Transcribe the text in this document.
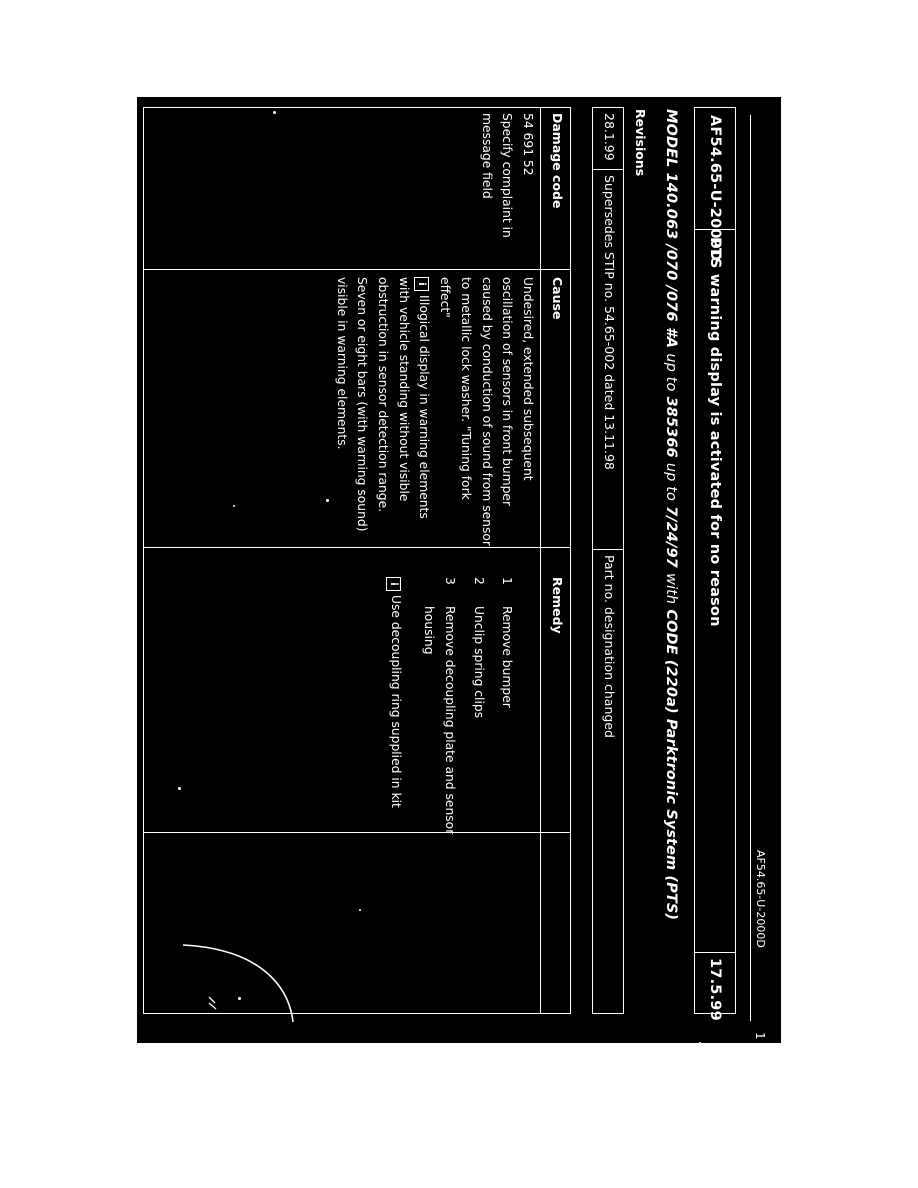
1
AF54.65-U-2000D
AF54.65-U-2000D
PTS warning display is activated for no reason
17.5.99
MODEL 140.063 /070 /076 #A up to 385366 up to 7/24/97 with CODE (220a) Parktronic System (PTS)
Revisions
28.1.99
Supersedes STIP no. 54.65-002 dated 13.11.98
Part no. designation changed
Damage code
Cause
Remedy
54 691 52
Specify complaint in
message field
Undesired, extended subsequent
oscillation of sensors in front bumper
caused by conduction of sound from sensor
to metallic lock washer. "Tuning fork
effect"
iIllogical display in warning elements
with vehicle standing without visible
obstruction in sensor detection range.
Seven or eight bars (with warning sound)
visible in warning elements.
1
Remove bumper
2
Unclip spring clips
3
Remove decoupling plate and sensor
housing
iUse decoupling ring supplied in kit
